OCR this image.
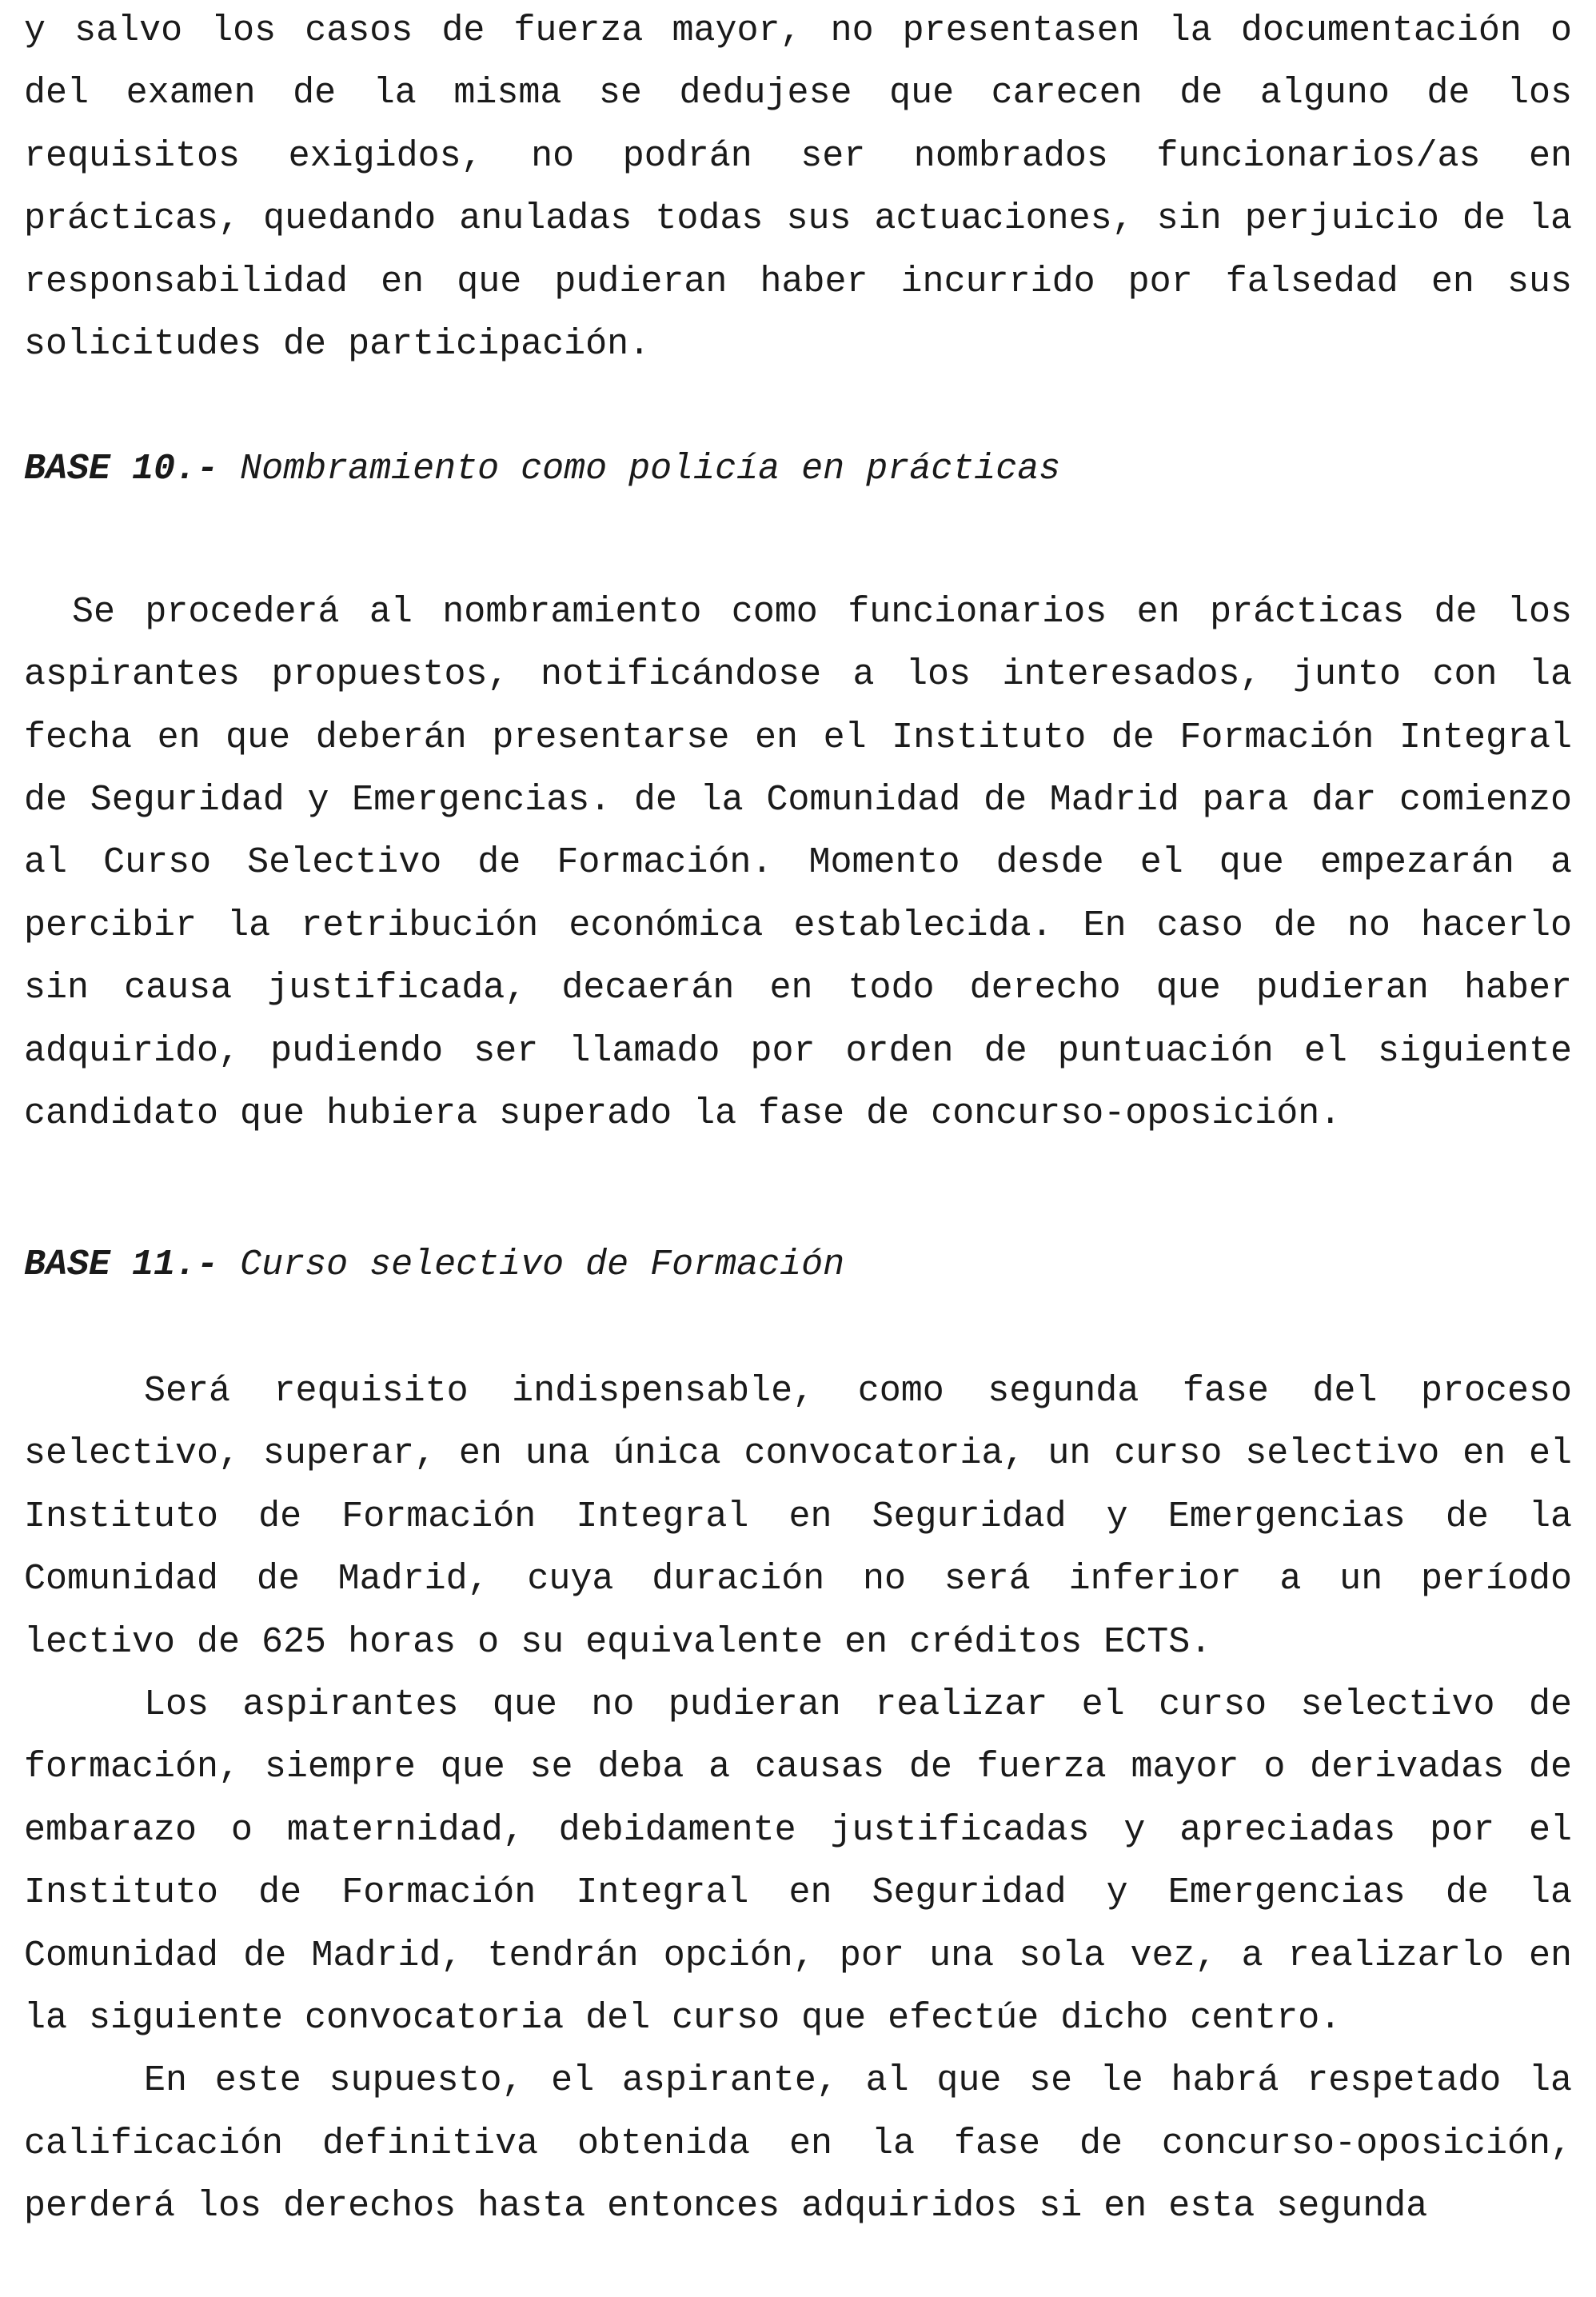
y salvo los casos de fuerza mayor, no presentasen la documentación o del examen de la misma se dedujese que carecen de alguno de los requisitos exigidos, no podrán ser nombrados funcionarios/as en prácticas, quedando anuladas todas sus actuaciones, sin perjuicio de la responsabilidad en que pudieran haber incurrido por falsedad en sus solicitudes de participación.

BASE 10.- Nombramiento como policía en prácticas

Se procederá al nombramiento como funcionarios en prácticas de los aspirantes propuestos, notificándose a los interesados, junto con la fecha en que deberán presentarse en el Instituto de Formación Integral de Seguridad y Emergencias. de la Comunidad de Madrid para dar comienzo al Curso Selectivo de Formación. Momento desde el que empezarán a percibir la retribución económica establecida. En caso de no hacerlo sin causa justificada, decaerán en todo derecho que pudieran haber adquirido, pudiendo ser llamado por orden de puntuación el siguiente candidato que hubiera superado la fase de concurso-oposición.

BASE 11.- Curso selectivo de Formación

Será requisito indispensable, como segunda fase del proceso selectivo, superar, en una única convocatoria, un curso selectivo en el Instituto de Formación Integral en Seguridad y Emergencias de la Comunidad de Madrid, cuya duración no será inferior a un período lectivo de 625 horas o su equivalente en créditos ECTS.

Los aspirantes que no pudieran realizar el curso selectivo de formación, siempre que se deba a causas de fuerza mayor o derivadas de embarazo o maternidad, debidamente justificadas y apreciadas por el Instituto de Formación Integral en Seguridad y Emergencias de la Comunidad de Madrid, tendrán opción, por una sola vez, a realizarlo en la siguiente convocatoria del curso que efectúe dicho centro.

En este supuesto, el aspirante, al que se le habrá respetado la calificación definitiva obtenida en la fase de concurso-oposición, perderá los derechos hasta entonces adquiridos si en esta segunda
